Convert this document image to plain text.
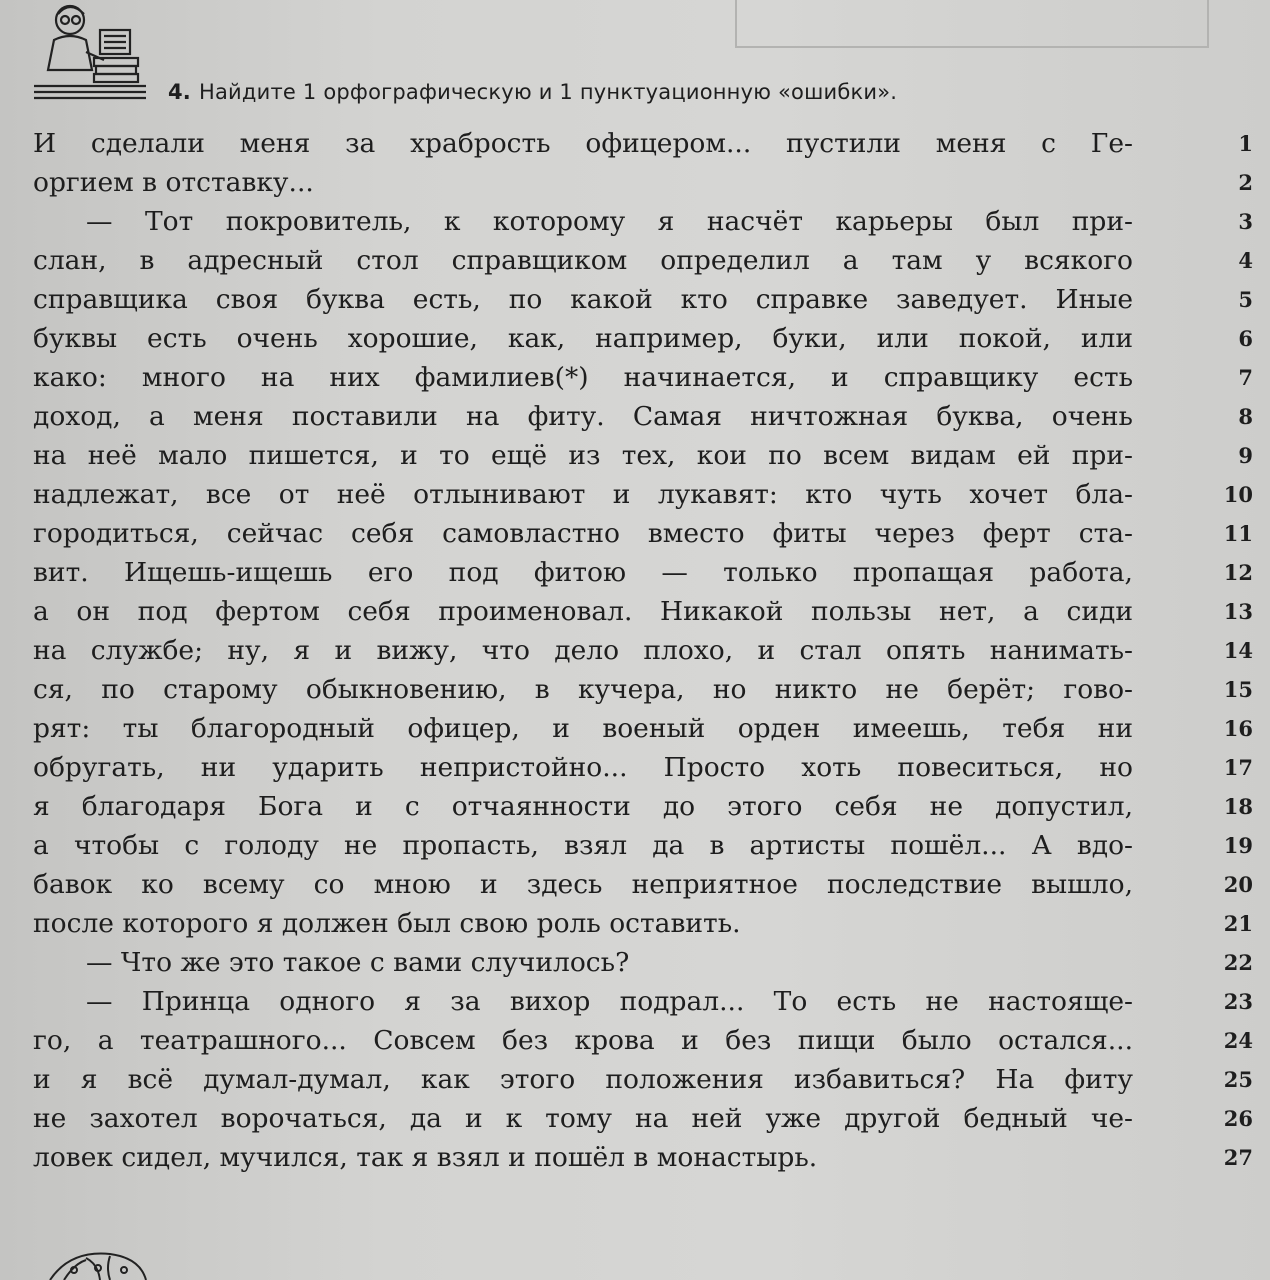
4. Найдите 1 орфографическую и 1 пунктуационную «ошибки».
И сделали меня за храбрость офицером... пустили меня с Ге-	1
оргием в отставку...	2
— Тот покровитель, к которому я насчёт карьеры был при-	3
слан, в адресный стол справщиком определил а там у всякого	4
справщика своя буква есть, по какой кто справке заведует. Иные	5
буквы есть очень хорошие, как, например, буки, или покой, или	6
како: много на них фамилиев(*) начинается, и справщику есть	7
доход, а меня поставили на фиту. Самая ничтожная буква, очень	8
на неё мало пишется, и то ещё из тех, кои по всем видам ей при-	9
надлежат, все от неё отлынивают и лукавят: кто чуть хочет бла-	10
городиться, сейчас себя самовластно вместо фиты через ферт ста-	11
вит. Ищешь-ищешь его под фитою — только пропащая работа,	12
а он под фертом себя проименовал. Никакой пользы нет, а сиди	13
на службе; ну, я и вижу, что дело плохо, и стал опять нанимать-	14
ся, по старому обыкновению, в кучера, но никто не берёт; гово-	15
рят: ты благородный офицер, и военый орден имеешь, тебя ни	16
обругать, ни ударить непристойно... Просто хоть повеситься, но	17
я благодаря Бога и с отчаянности до этого себя не допустил,	18
а чтобы с голоду не пропасть, взял да в артисты пошёл... А вдо-	19
бавок ко всему со мною и здесь неприятное последствие вышло,	20
после которого я должен был свою роль оставить.	21
— Что же это такое с вами случилось?	22
— Принца одного я за вихор подрал... То есть не настояще-	23
го, а театрашного... Совсем без крова и без пищи было остался...	24
и я всё думал-думал, как этого положения избавиться? На фиту	25
не захотел ворочаться, да и к тому на ней уже другой бедный че-	26
ловек сидел, мучился, так я взял и пошёл в монастырь.	27
